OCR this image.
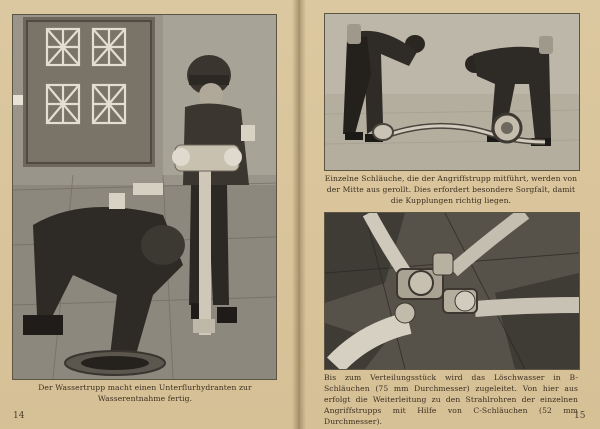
Der Wassertrupp macht einen Unterflurhydranten zur Wasserentnahme fertig.
14
Einzelne Schläuche, die der Angriffstrupp mitführt, werden von der Mitte aus gerollt. Dies erfordert besondere Sorgfalt, damit die Kupplungen richtig liegen.
Bis zum Verteilungsstück wird das Löschwasser in B-Schläuchen (75 mm Durchmesser) zugeleitet. Von hier aus erfolgt die Weiterleitung zu den Strahlrohren der einzelnen Angriffstrupps mit Hilfe von C-Schläuchen (52 mm Durchmesser).
15
